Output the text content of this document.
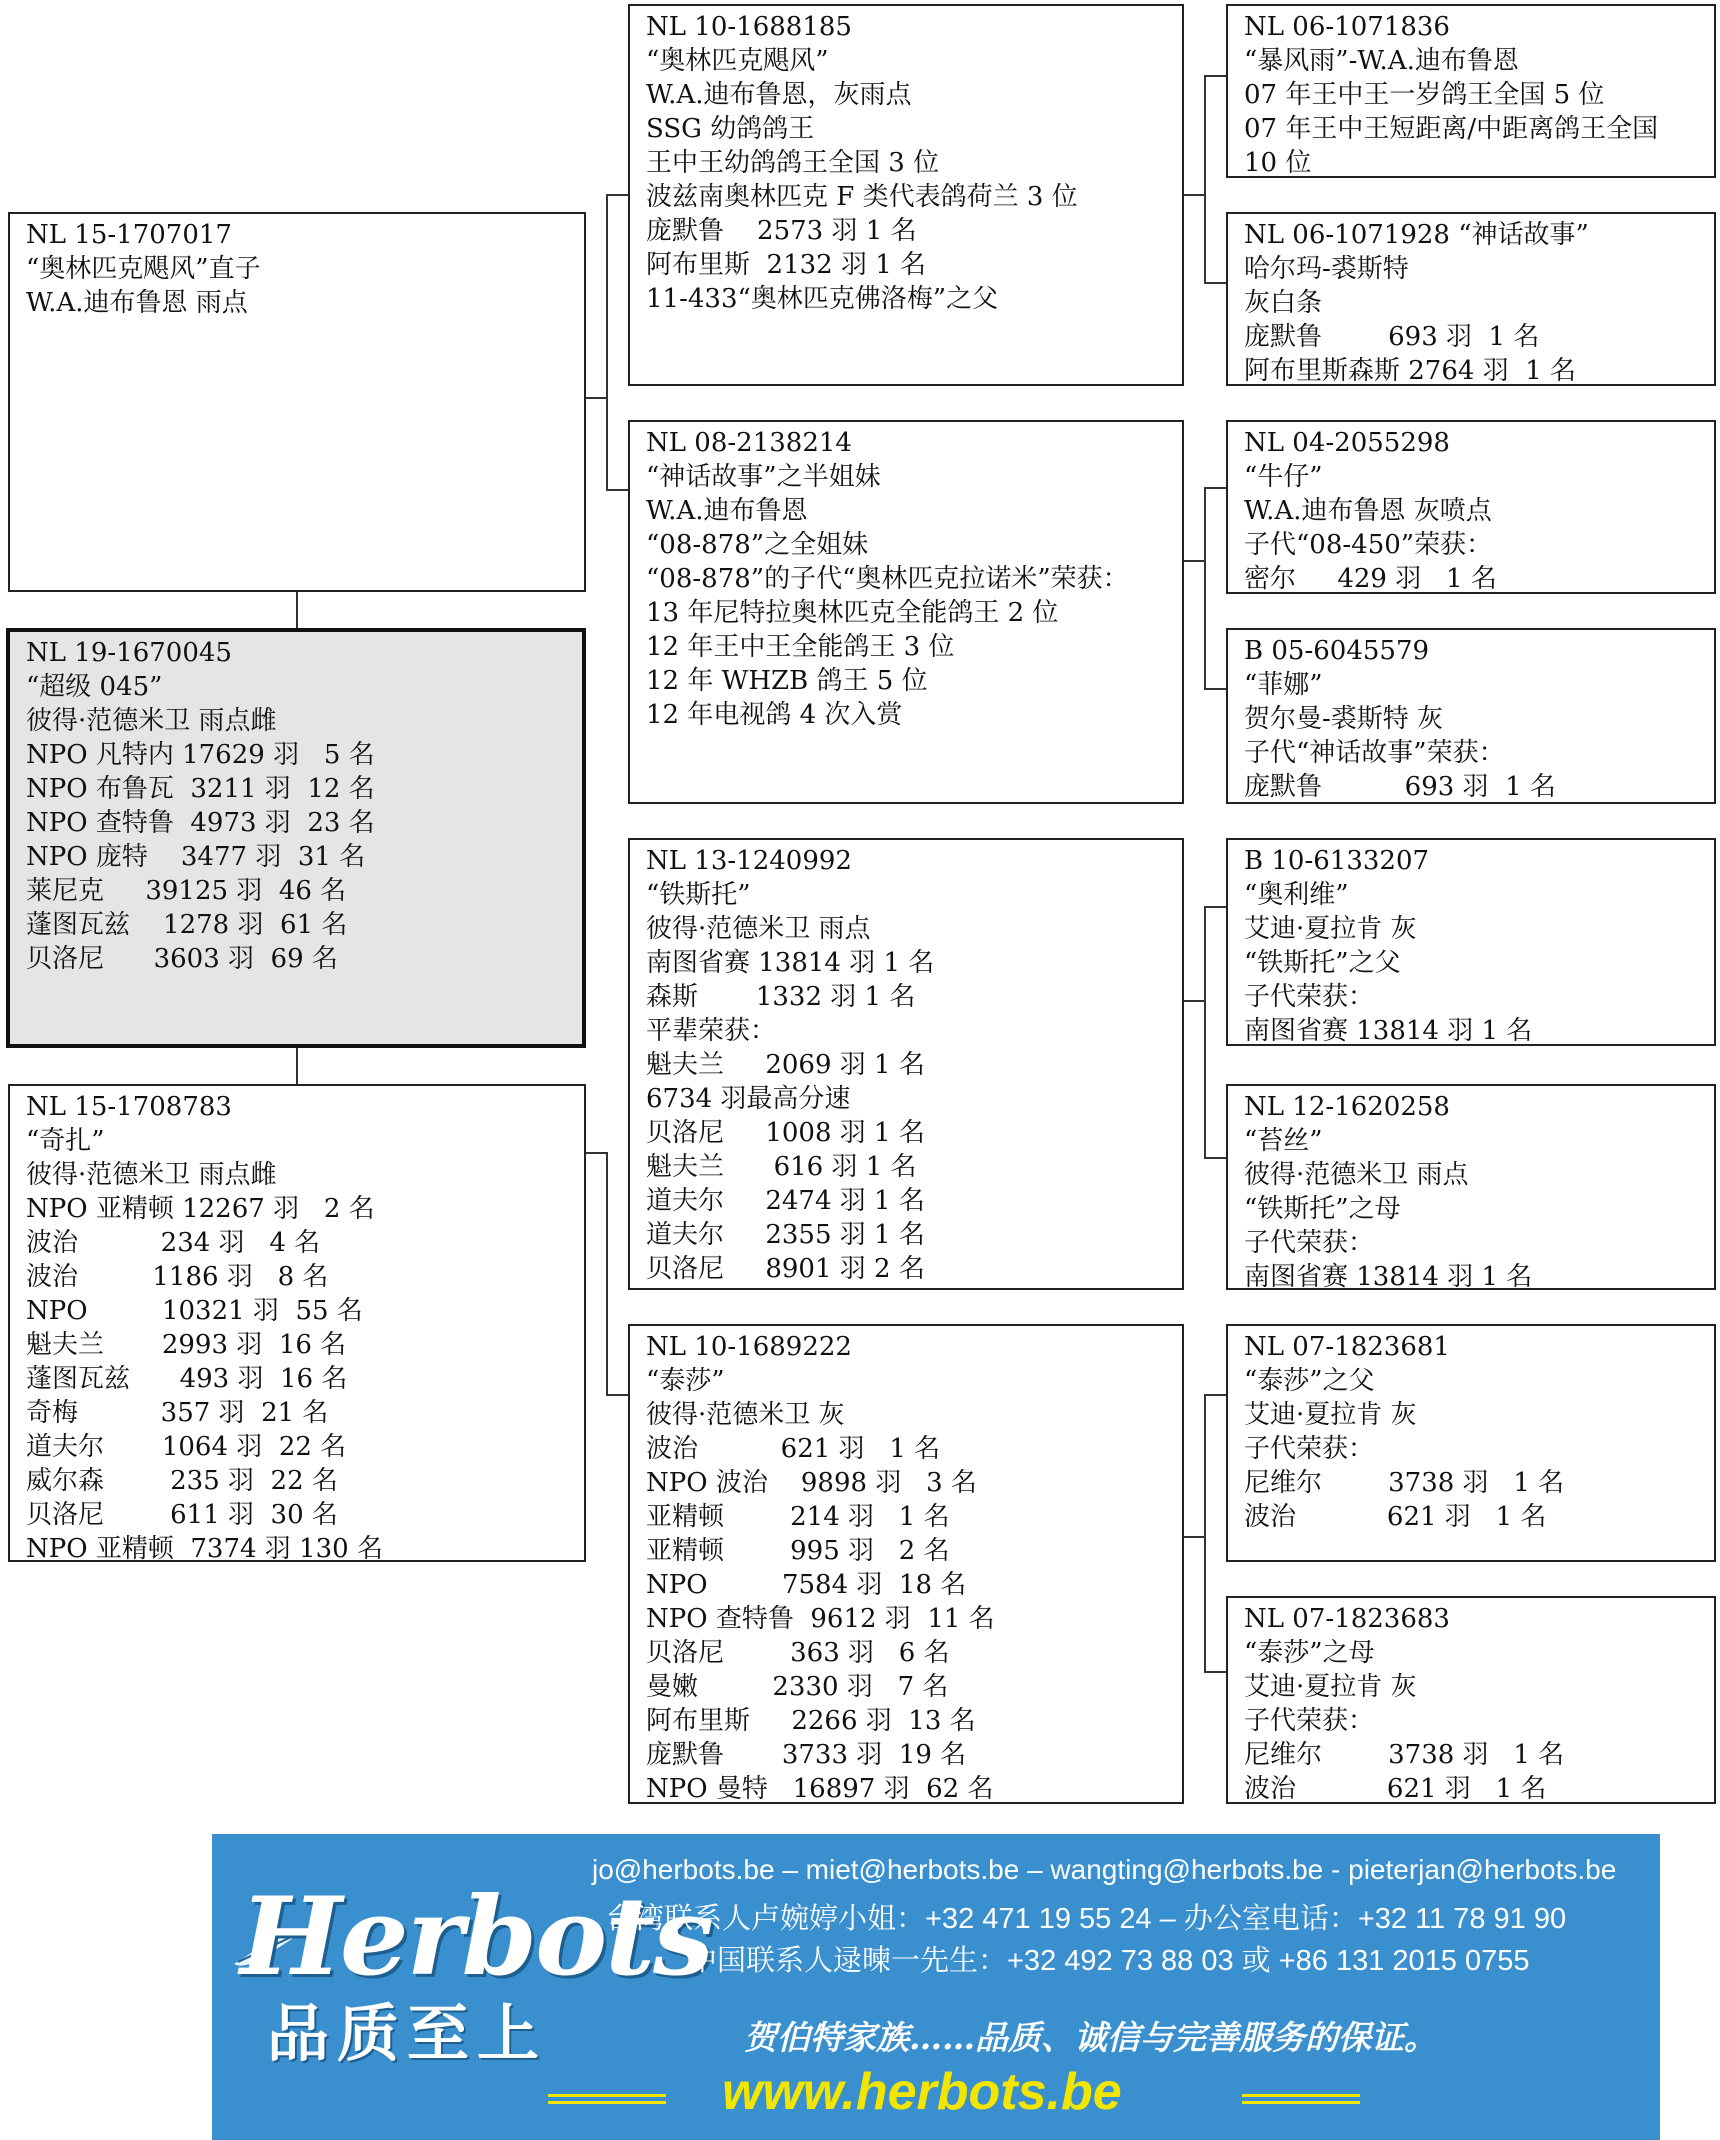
NL 15-1707017
“奥林匹克飓风”直子
W.A.迪布鲁恩 雨点
NL 19-1670045
“超级 045”
彼得·范德米卫 雨点雌
NPO 凡特内 17629 羽   5 名
NPO 布鲁瓦  3211 羽  12 名
NPO 查特鲁  4973 羽  23 名
NPO 庞特    3477 羽  31 名
莱尼克     39125 羽  46 名
蓬图瓦兹    1278 羽  61 名
贝洛尼      3603 羽  69 名
NL 15-1708783
“奇扎”
彼得·范德米卫 雨点雌
NPO 亚精顿 12267 羽   2 名
波治          234 羽   4 名
波治         1186 羽   8 名
NPO         10321 羽  55 名
魁夫兰       2993 羽  16 名
蓬图瓦兹      493 羽  16 名
奇梅          357 羽  21 名
道夫尔       1064 羽  22 名
威尔森        235 羽  22 名
贝洛尼        611 羽  30 名
NPO 亚精顿  7374 羽 130 名
NL 10-1688185
“奥林匹克飓风”
W.A.迪布鲁恩，灰雨点
SSG 幼鸽鸽王
王中王幼鸽鸽王全国 3 位
波兹南奥林匹克 F 类代表鸽荷兰 3 位
庞默鲁    2573 羽 1 名
阿布里斯  2132 羽 1 名
11-433“奥林匹克佛洛梅”之父
NL 08-2138214
“神话故事”之半姐妹
W.A.迪布鲁恩
“08-878”之全姐妹
“08-878”的子代“奥林匹克拉诺米”荣获：
13 年尼特拉奥林匹克全能鸽王 2 位
12 年王中王全能鸽王 3 位
12 年 WHZB 鸽王 5 位
12 年电视鸽 4 次入赏
NL 13-1240992
“铁斯托”
彼得·范德米卫 雨点
南图省赛 13814 羽 1 名
森斯       1332 羽 1 名
平辈荣获：
魁夫兰     2069 羽 1 名
6734 羽最高分速
贝洛尼     1008 羽 1 名
魁夫兰      616 羽 1 名
道夫尔     2474 羽 1 名
道夫尔     2355 羽 1 名
贝洛尼     8901 羽 2 名
NL 10-1689222
“泰莎”
彼得·范德米卫 灰
波治          621 羽   1 名
NPO 波治    9898 羽   3 名
亚精顿        214 羽   1 名
亚精顿        995 羽   2 名
NPO         7584 羽  18 名
NPO 查特鲁  9612 羽  11 名
贝洛尼        363 羽   6 名
曼嫩         2330 羽   7 名
阿布里斯     2266 羽  13 名
庞默鲁       3733 羽  19 名
NPO 曼特   16897 羽  62 名
NL 06-1071836
“暴风雨”-W.A.迪布鲁恩
07 年王中王一岁鸽王全国 5 位
07 年王中王短距离/中距离鸽王全国
10 位
NL 06-1071928 “神话故事”
哈尔玛-裘斯特
灰白条
庞默鲁        693 羽  1 名
阿布里斯森斯 2764 羽  1 名
NL 04-2055298
“牛仔”
W.A.迪布鲁恩 灰喷点
子代“08-450”荣获：
密尔     429 羽   1 名
B 05-6045579
“菲娜”
贺尔曼-裘斯特 灰
子代“神话故事”荣获：
庞默鲁          693 羽  1 名
B 10-6133207
“奥利维”
艾迪·夏拉肯 灰
“铁斯托”之父
子代荣获：
南图省赛 13814 羽 1 名
NL 12-1620258
“苔丝”
彼得·范德米卫 雨点
“铁斯托”之母
子代荣获：
南图省赛 13814 羽 1 名
NL 07-1823681
“泰莎”之父
艾迪·夏拉肯 灰
子代荣获：
尼维尔        3738 羽   1 名
波治           621 羽   1 名
NL 07-1823683
“泰莎”之母
艾迪·夏拉肯 灰
子代荣获：
尼维尔        3738 羽   1 名
波治           621 羽   1 名
Herbots
品质至上
jo@herbots.be – miet@herbots.be – wangting@herbots.be - pieterjan@herbots.be
台湾联系人卢婉婷小姐：+32 471 19 55 24 – 办公室电话：+32 11 78 91 90
中国联系人逯暕一先生：+32 492 73 88 03 或 +86 131 2015 0755
贺伯特家族……品质、诚信与完善服务的保证。
www.herbots.be
